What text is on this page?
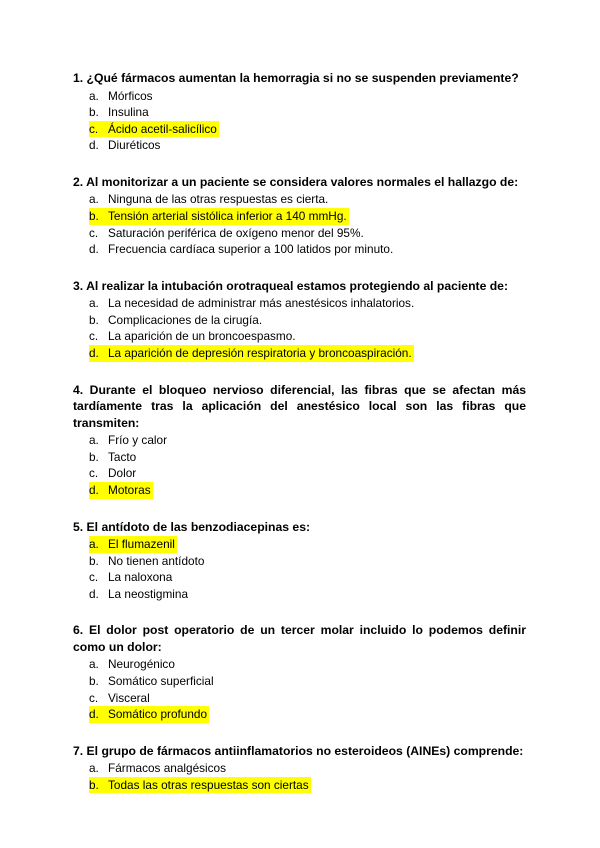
1. ¿Qué fármacos aumentan la hemorragia si no se suspenden previamente?

a. Mórficos
b. Insulina
c. Ácido acetil-salicílico
d. Diuréticos

2. Al monitorizar a un paciente se considera valores normales el hallazgo de:

a. Ninguna de las otras respuestas es cierta.
b. Tensión arterial sistólica inferior a 140 mmHg.
c. Saturación periférica de oxígeno menor del 95%.
d. Frecuencia cardíaca superior a 100 latidos por minuto.

3. Al realizar la intubación orotraqueal estamos protegiendo al paciente de:

a. La necesidad de administrar más anestésicos inhalatorios.
b. Complicaciones de la cirugía.
c. La aparición de un broncoespasmo.
d. La aparición de depresión respiratoria y broncoaspiración.

4. Durante el bloqueo nervioso diferencial, las fibras que se afectan más tardíamente tras la aplicación del anestésico local son las fibras que transmiten:

a. Frío y calor
b. Tacto
c. Dolor
d. Motoras

5. El antídoto de las benzodiacepinas es:

a. El flumazenil
b. No tienen antídoto
c. La naloxona
d. La neostigmina

6. El dolor post operatorio de un tercer molar incluido lo podemos definir como un dolor:

a. Neurogénico
b. Somático superficial
c. Visceral
d. Somático profundo

7. El grupo de fármacos antiinflamatorios no esteroideos (AINEs) comprende:

a. Fármacos analgésicos
b. Todas las otras respuestas son ciertas
